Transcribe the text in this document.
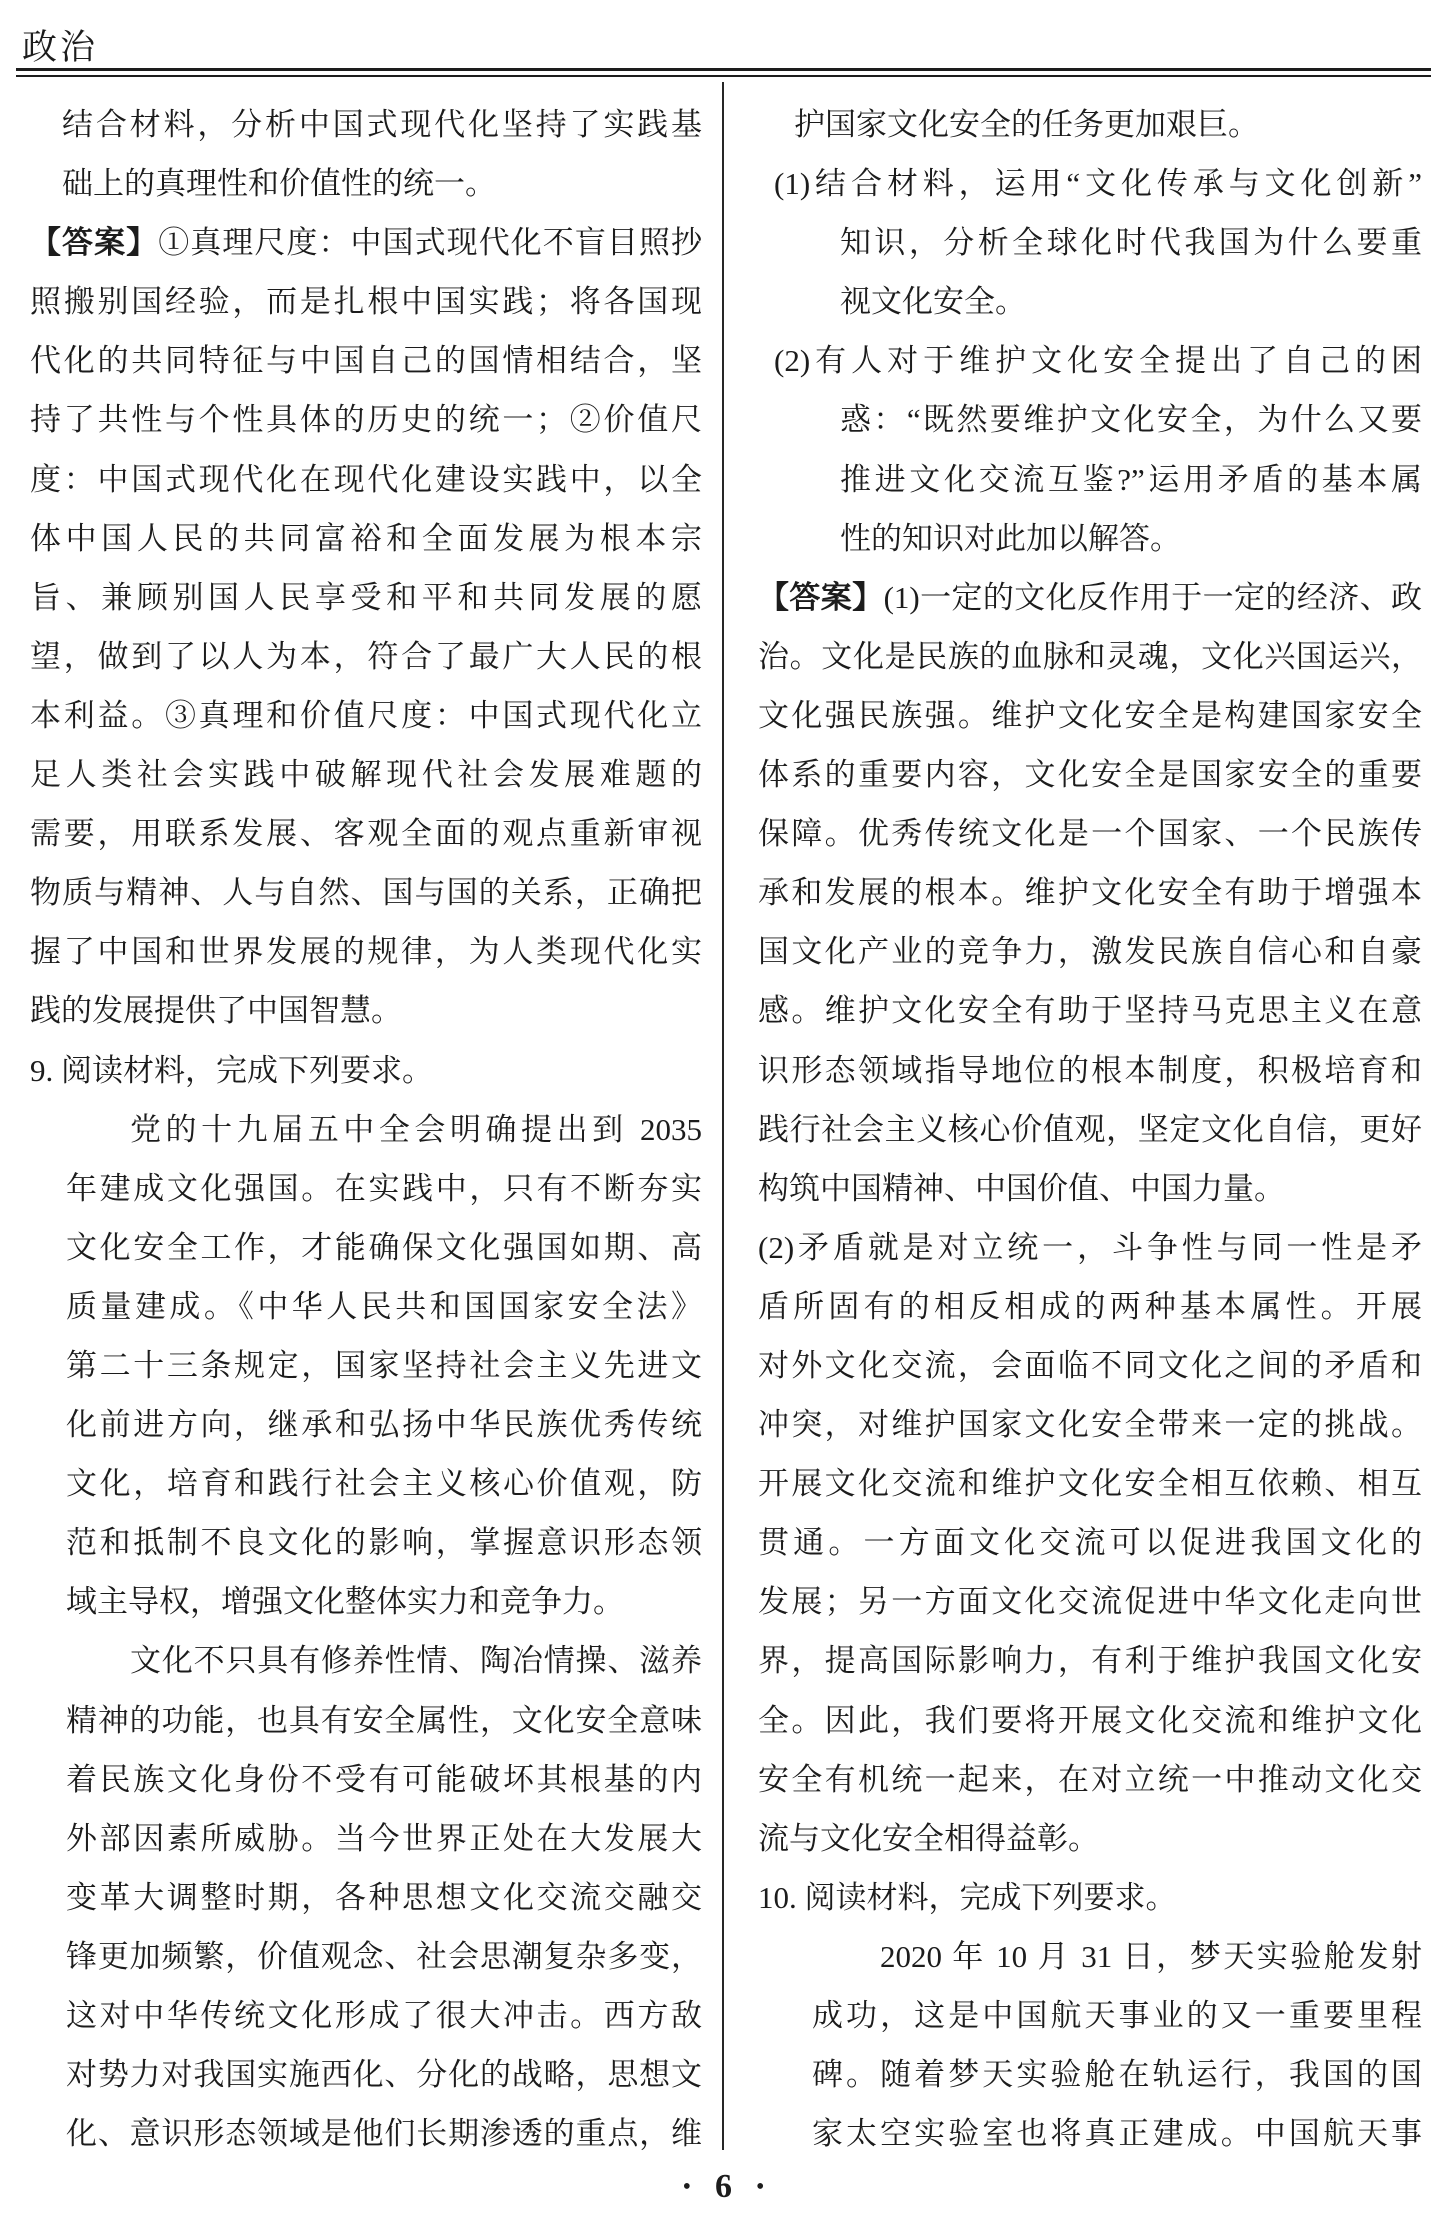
政治
结合材料，分析中国式现代化坚持了实践基
础上的真理性和价值性的统一。
【答案】①真理尺度：中国式现代化不盲目照抄
照搬别国经验，而是扎根中国实践；将各国现
代化的共同特征与中国自己的国情相结合，坚
持了共性与个性具体的历史的统一；②价值尺
度：中国式现代化在现代化建设实践中，以全
体中国人民的共同富裕和全面发展为根本宗
旨、兼顾别国人民享受和平和共同发展的愿
望，做到了以人为本，符合了最广大人民的根
本利益。③真理和价值尺度：中国式现代化立
足人类社会实践中破解现代社会发展难题的
需要，用联系发展、客观全面的观点重新审视
物质与精神、人与自然、国与国的关系，正确把
握了中国和世界发展的规律，为人类现代化实
践的发展提供了中国智慧。
9. 阅读材料，完成下列要求。
党的十九届五中全会明确提出到 2035
年建成文化强国。在实践中，只有不断夯实
文化安全工作，才能确保文化强国如期、高
质量建成。《中华人民共和国国家安全法》
第二十三条规定，国家坚持社会主义先进文
化前进方向，继承和弘扬中华民族优秀传统
文化，培育和践行社会主义核心价值观，防
范和抵制不良文化的影响，掌握意识形态领
域主导权，增强文化整体实力和竞争力。
文化不只具有修养性情、陶冶情操、滋养
精神的功能，也具有安全属性，文化安全意味
着民族文化身份不受有可能破坏其根基的内
外部因素所威胁。当今世界正处在大发展大
变革大调整时期，各种思想文化交流交融交
锋更加频繁，价值观念、社会思潮复杂多变，
这对中华传统文化形成了很大冲击。西方敌
对势力对我国实施西化、分化的战略，思想文
化、意识形态领域是他们长期渗透的重点，维
护国家文化安全的任务更加艰巨。
(1)结合材料，运用“文化传承与文化创新”
知识，分析全球化时代我国为什么要重
视文化安全。
(2)有人对于维护文化安全提出了自己的困
惑：“既然要维护文化安全，为什么又要
推进文化交流互鉴?”运用矛盾的基本属
性的知识对此加以解答。
【答案】(1)一定的文化反作用于一定的经济、政
治。文化是民族的血脉和灵魂，文化兴国运兴，
文化强民族强。维护文化安全是构建国家安全
体系的重要内容，文化安全是国家安全的重要
保障。优秀传统文化是一个国家、一个民族传
承和发展的根本。维护文化安全有助于增强本
国文化产业的竞争力，激发民族自信心和自豪
感。维护文化安全有助于坚持马克思主义在意
识形态领域指导地位的根本制度，积极培育和
践行社会主义核心价值观，坚定文化自信，更好
构筑中国精神、中国价值、中国力量。
(2)矛盾就是对立统一，斗争性与同一性是矛
盾所固有的相反相成的两种基本属性。开展
对外文化交流，会面临不同文化之间的矛盾和
冲突，对维护国家文化安全带来一定的挑战。
开展文化交流和维护文化安全相互依赖、相互
贯通。一方面文化交流可以促进我国文化的
发展；另一方面文化交流促进中华文化走向世
界，提高国际影响力，有利于维护我国文化安
全。因此，我们要将开展文化交流和维护文化
安全有机统一起来，在对立统一中推动文化交
流与文化安全相得益彰。
10. 阅读材料，完成下列要求。
2020 年 10 月 31 日，梦天实验舱发射
成功，这是中国航天事业的又一重要里程
碑。随着梦天实验舱在轨运行，我国的国
家太空实验室也将真正建成。中国航天事
• 6 •
